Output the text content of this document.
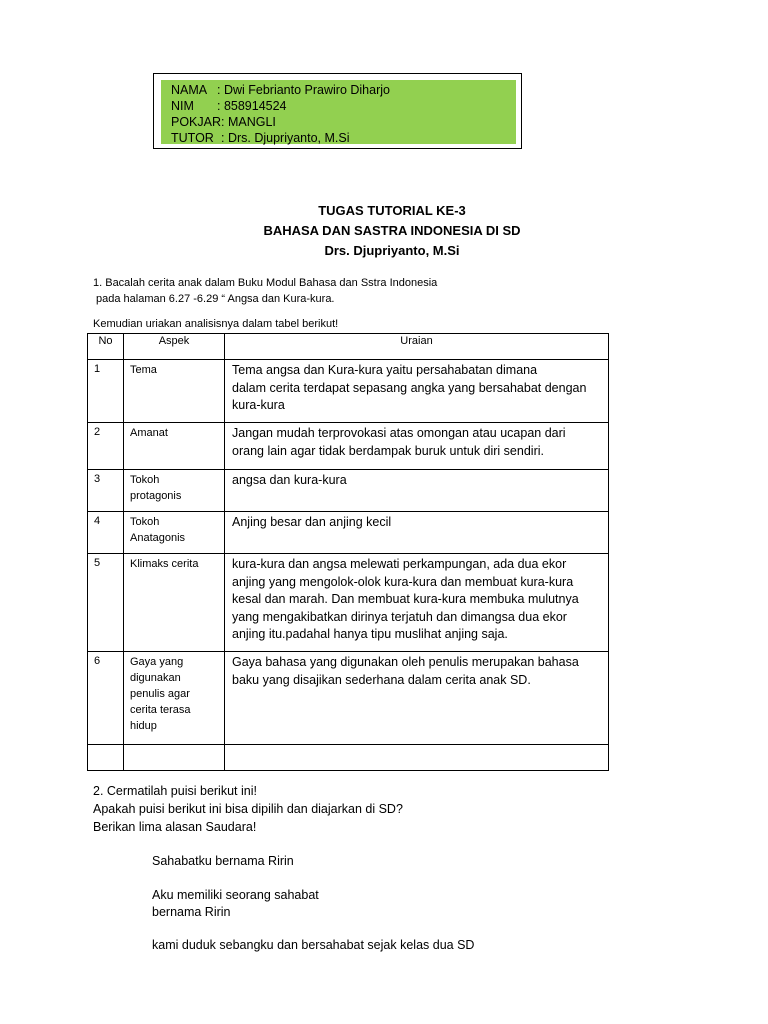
NAMA : Dwi Febrianto Prawiro Diharjo
NIM : 858914524
POKJAR: MANGLI
TUTOR : Drs. Djupriyanto, M.Si
TUGAS TUTORIAL KE-3
BAHASA DAN SASTRA INDONESIA DI SD
Drs. Djupriyanto, M.Si
1. Bacalah cerita anak dalam Buku Modul Bahasa dan Sstra Indonesia
pada halaman 6.27 -6.29 “ Angsa dan Kura-kura.
Kemudian uriakan analisisnya dalam tabel berikut!
No	Aspek	Uraian
1	Tema	Tema angsa dan Kura-kura yaitu persahabatan dimana
dalam cerita terdapat sepasang angka yang bersahabat dengan
kura-kura
2	Amanat	Jangan mudah terprovokasi atas omongan atau ucapan dari
orang lain agar tidak berdampak buruk untuk diri sendiri.
3	Tokoh
protagonis	angsa dan kura-kura
4	Tokoh
Anatagonis	Anjing besar dan anjing kecil
5	Klimaks cerita	kura-kura dan angsa melewati perkampungan, ada dua ekor
anjing yang mengolok-olok kura-kura dan membuat kura-kura
kesal dan marah. Dan membuat kura-kura membuka mulutnya
yang mengakibatkan dirinya terjatuh dan dimangsa dua ekor
anjing itu.padahal hanya tipu muslihat anjing saja.
6	Gaya yang
digunakan
penulis agar
cerita terasa
hidup	Gaya bahasa yang digunakan oleh penulis merupakan bahasa
baku yang disajikan sederhana dalam cerita anak SD.

2. Cermatilah puisi berikut ini!
Apakah puisi berikut ini bisa dipilih dan diajarkan di SD?
Berikan lima alasan Saudara!
Sahabatku bernama Ririn
Aku memiliki seorang sahabat
bernama Ririn
kami duduk sebangku dan bersahabat sejak kelas dua SD
